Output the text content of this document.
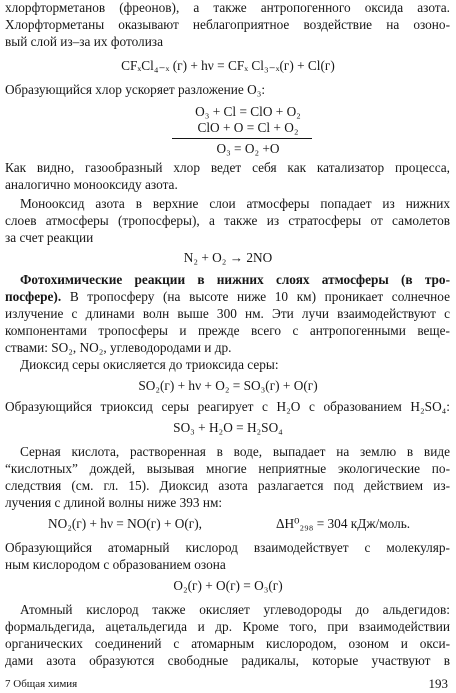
хлорфторметанов (фреонов), а также антропогенного оксида азота.
Хлорфторметаны оказывают неблагоприятное воздействие на озоно-
вый слой из–за их фотолиза
CFₓCl₄₋ₓ (г) + hν = CFₓ Cl₃₋ₓ(г) + Cl(г)
Образующийся хлор ускоряет разложение O₃:
O₃ + Cl = ClO + O₂
ClO + O = Cl + O₂
O₃ = O₂ +O
Как видно, газообразный хлор ведет себя как катализатор процесса,
аналогично монооксиду азота.
Монооксид азота в верхние слои атмосферы попадает из нижних
слоев атмосферы (тропосферы), а также из стратосферы от самолетов
за счет реакции
N₂ + O₂ → 2NO
Фотохимические реакции в нижних слоях атмосферы (в тро-
посфере). В тропосферу (на высоте ниже 10 км) проникает солнечное
излучение с длинами волн выше 300 нм. Эти лучи взаимодействуют с
компонентами тропосферы и прежде всего с антропогенными веще-
ствами: SO₂, NO₂, углеводородами и др.
Диоксид серы окисляется до триоксида серы:
SO₂(г) + hν + O₂ = SO₃(г) + O(г)
Образующийся триоксид серы реагирует с H₂O с образованием H₂SO₄:
SO₃ + H₂O = H₂SO₄
Серная кислота, растворенная в воде, выпадает на землю в виде
“кислотных” дождей, вызывая многие неприятные экологические по-
следствия (см. гл. 15). Диоксид азота разлагается под действием из-
лучения с длиной волны ниже 393 нм:
NO₂(г) + hν = NO(г) + O(г),	ΔH⁰₂₉₈ = 304 кДж/моль.
Образующийся атомарный кислород взаимодействует с молекуляр-
ным кислородом с образованием озона
O₂(г) + O(г) = O₃(г)
Атомный кислород также окисляет углеводороды до альдегидов:
формальдегида, ацетальдегида и др. Кроме того, при взаимодействии
органических соединений с атомарным кислородом, озоном и окси-
дами азота образуются свободные радикалы, которые участвуют в
7 Общая химия	193
